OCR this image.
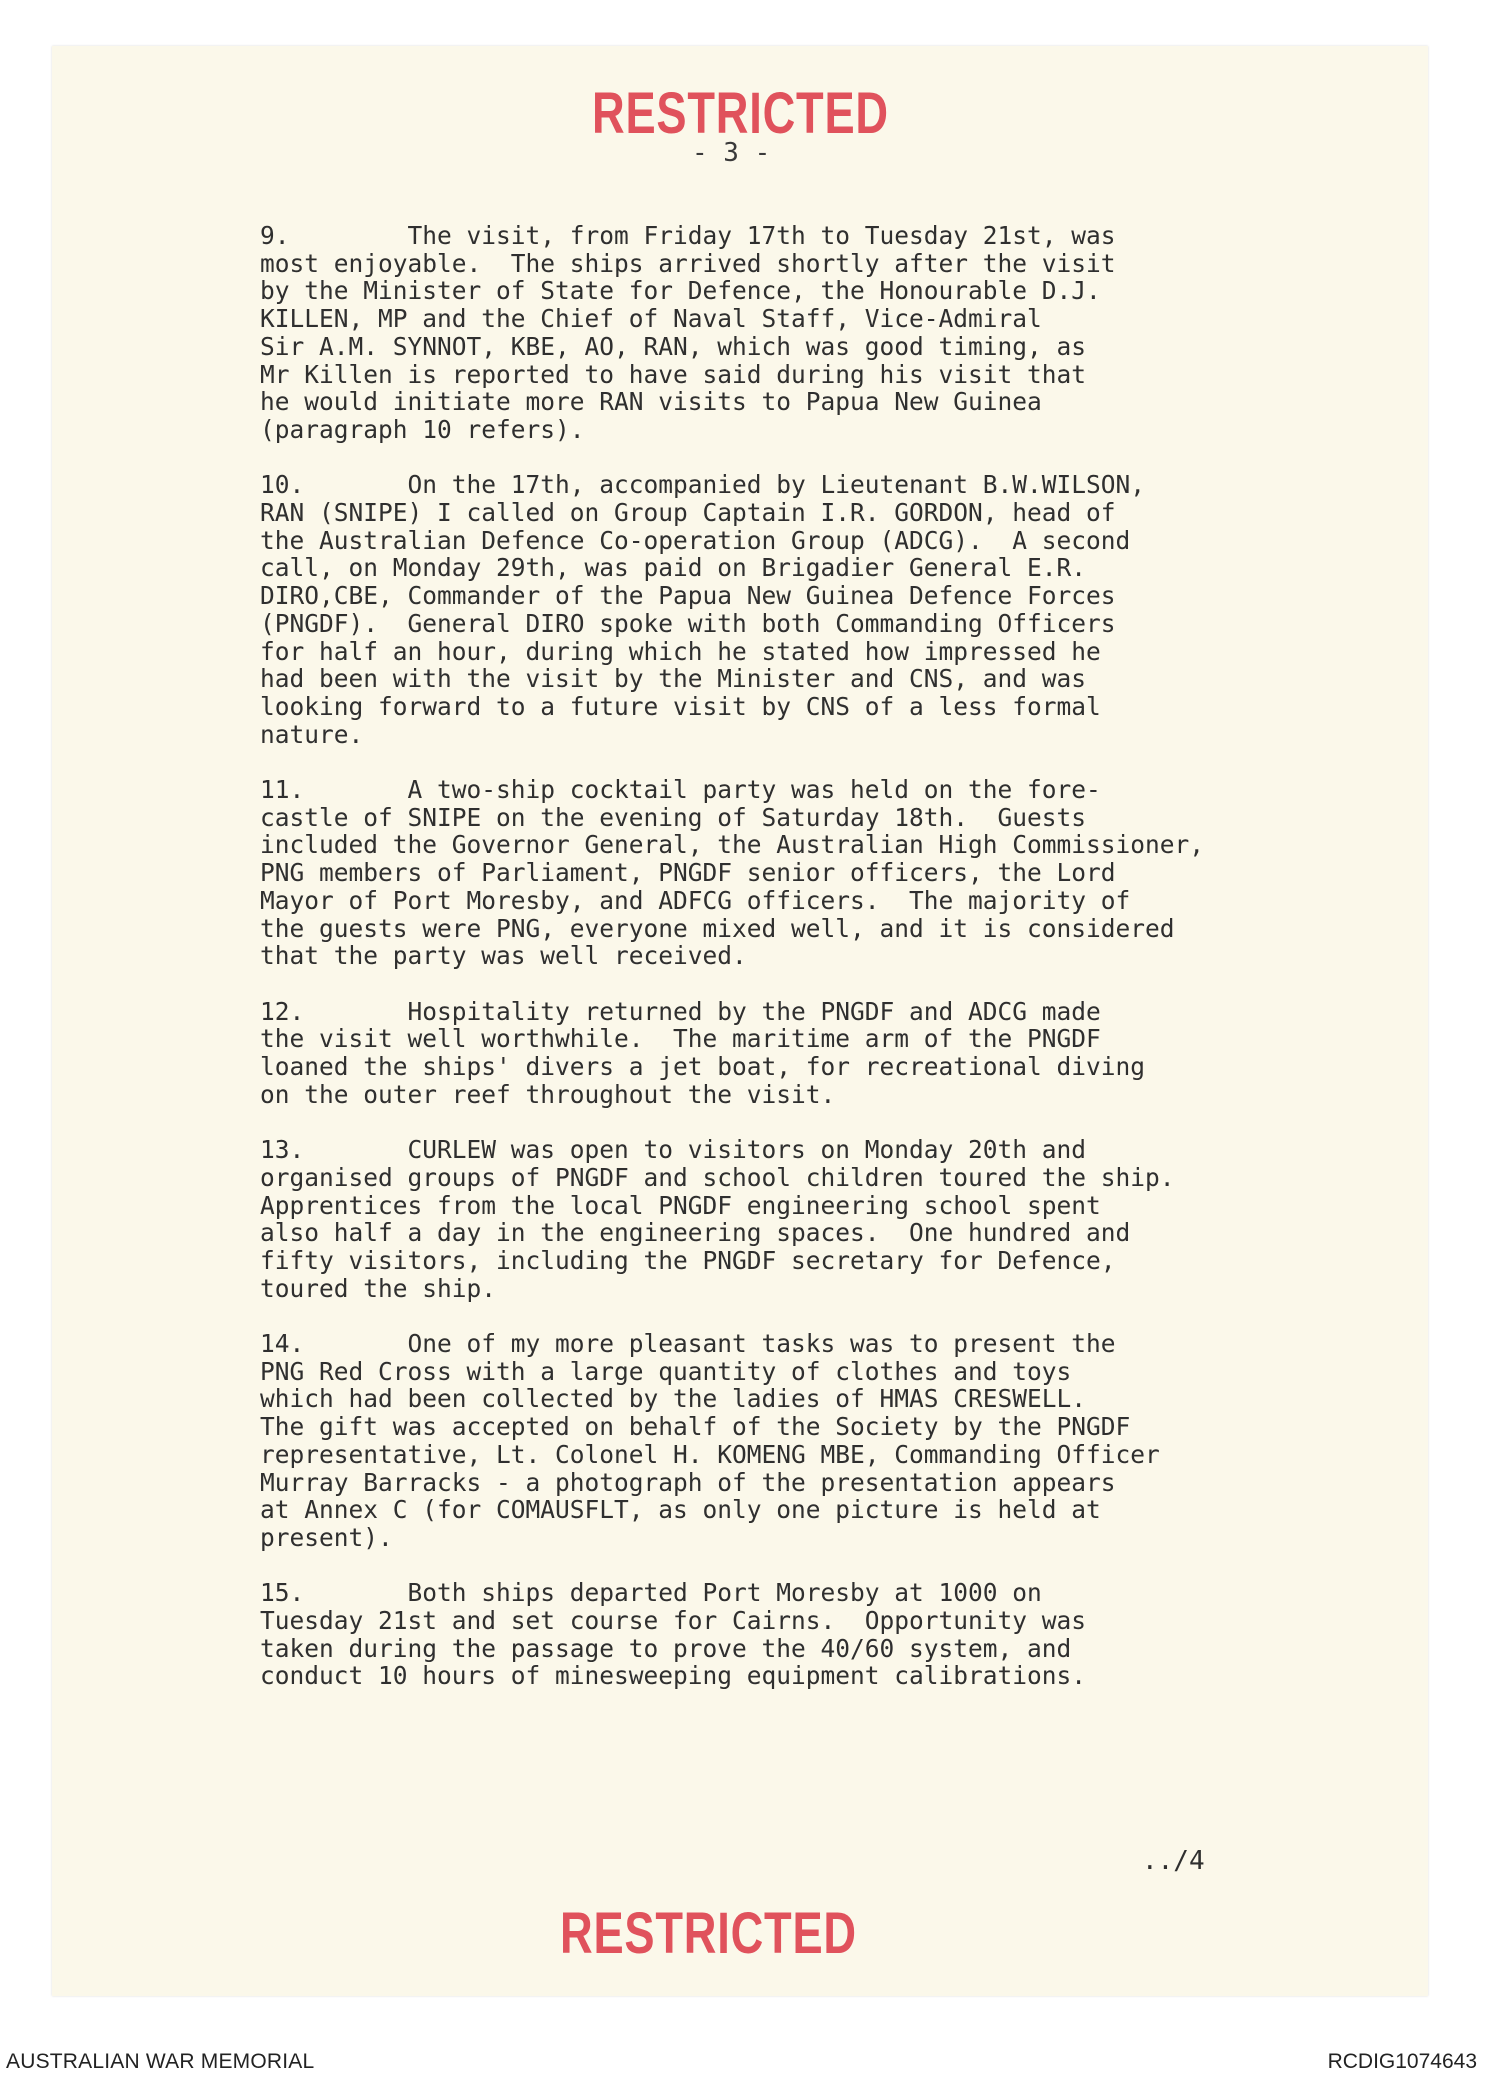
RESTRICTED
- 3 -
9.        The visit, from Friday 17th to Tuesday 21st, was
most enjoyable.  The ships arrived shortly after the visit
by the Minister of State for Defence, the Honourable D.J.
KILLEN, MP and the Chief of Naval Staff, Vice-Admiral
Sir A.M. SYNNOT, KBE, AO, RAN, which was good timing, as
Mr Killen is reported to have said during his visit that
he would initiate more RAN visits to Papua New Guinea
(paragraph 10 refers).
10.       On the 17th, accompanied by Lieutenant B.W.WILSON,
RAN (SNIPE) I called on Group Captain I.R. GORDON, head of
the Australian Defence Co-operation Group (ADCG).  A second
call, on Monday 29th, was paid on Brigadier General E.R.
DIRO,CBE, Commander of the Papua New Guinea Defence Forces
(PNGDF).  General DIRO spoke with both Commanding Officers
for half an hour, during which he stated how impressed he
had been with the visit by the Minister and CNS, and was
looking forward to a future visit by CNS of a less formal
nature.
11.       A two-ship cocktail party was held on the fore-
castle of SNIPE on the evening of Saturday 18th.  Guests
included the Governor General, the Australian High Commissioner,
PNG members of Parliament, PNGDF senior officers, the Lord
Mayor of Port Moresby, and ADFCG officers.  The majority of
the guests were PNG, everyone mixed well, and it is considered
that the party was well received.
12.       Hospitality returned by the PNGDF and ADCG made
the visit well worthwhile.  The maritime arm of the PNGDF
loaned the ships' divers a jet boat, for recreational diving
on the outer reef throughout the visit.
13.       CURLEW was open to visitors on Monday 20th and
organised groups of PNGDF and school children toured the ship.
Apprentices from the local PNGDF engineering school spent
also half a day in the engineering spaces.  One hundred and
fifty visitors, including the PNGDF secretary for Defence,
toured the ship.
14.       One of my more pleasant tasks was to present the
PNG Red Cross with a large quantity of clothes and toys
which had been collected by the ladies of HMAS CRESWELL.
The gift was accepted on behalf of the Society by the PNGDF
representative, Lt. Colonel H. KOMENG MBE, Commanding Officer
Murray Barracks - a photograph of the presentation appears
at Annex C (for COMAUSFLT, as only one picture is held at
present).
15.       Both ships departed Port Moresby at 1000 on
Tuesday 21st and set course for Cairns.  Opportunity was
taken during the passage to prove the 40/60 system, and
conduct 10 hours of minesweeping equipment calibrations.
../4
RESTRICTED
AUSTRALIAN WAR MEMORIAL	RCDIG1074643
